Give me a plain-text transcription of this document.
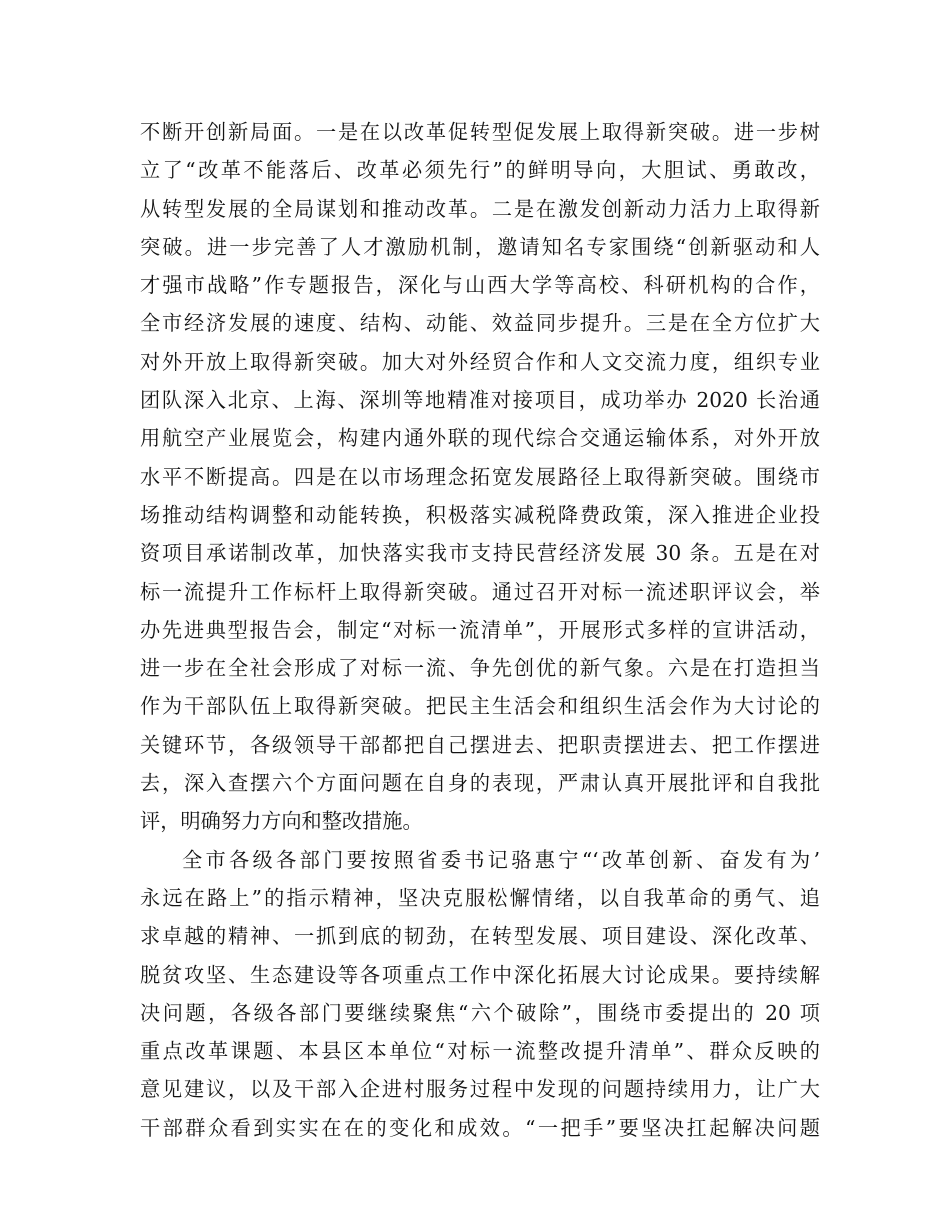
不断开创新局面。一是在以改革促转型促发展上取得新突破。进一步树
立了“改革不能落后、改革必须先行”的鲜明导向，大胆试、勇敢改，
从转型发展的全局谋划和推动改革。二是在激发创新动力活力上取得新
突破。进一步完善了人才激励机制，邀请知名专家围绕“创新驱动和人
才强市战略”作专题报告，深化与山西大学等高校、科研机构的合作，
全市经济发展的速度、结构、动能、效益同步提升。三是在全方位扩大
对外开放上取得新突破。加大对外经贸合作和人文交流力度，组织专业
团队深入北京、上海、深圳等地精准对接项目，成功举办 2020 长治通
用航空产业展览会，构建内通外联的现代综合交通运输体系，对外开放
水平不断提高。四是在以市场理念拓宽发展路径上取得新突破。围绕市
场推动结构调整和动能转换，积极落实减税降费政策，深入推进企业投
资项目承诺制改革，加快落实我市支持民营经济发展 30 条。五是在对
标一流提升工作标杆上取得新突破。通过召开对标一流述职评议会，举
办先进典型报告会，制定“对标一流清单”，开展形式多样的宣讲活动，
进一步在全社会形成了对标一流、争先创优的新气象。六是在打造担当
作为干部队伍上取得新突破。把民主生活会和组织生活会作为大讨论的
关键环节，各级领导干部都把自己摆进去、把职责摆进去、把工作摆进
去，深入查摆六个方面问题在自身的表现，严肃认真开展批评和自我批
评，明确努力方向和整改措施。
全市各级各部门要按照省委书记骆惠宁“‘改革创新、奋发有为’
永远在路上”的指示精神，坚决克服松懈情绪，以自我革命的勇气、追
求卓越的精神、一抓到底的韧劲，在转型发展、项目建设、深化改革、
脱贫攻坚、生态建设等各项重点工作中深化拓展大讨论成果。要持续解
决问题，各级各部门要继续聚焦“六个破除”，围绕市委提出的 20 项
重点改革课题、本县区本单位“对标一流整改提升清单”、群众反映的
意见建议，以及干部入企进村服务过程中发现的问题持续用力，让广大
干部群众看到实实在在的变化和成效。“一把手”要坚决扛起解决问题
